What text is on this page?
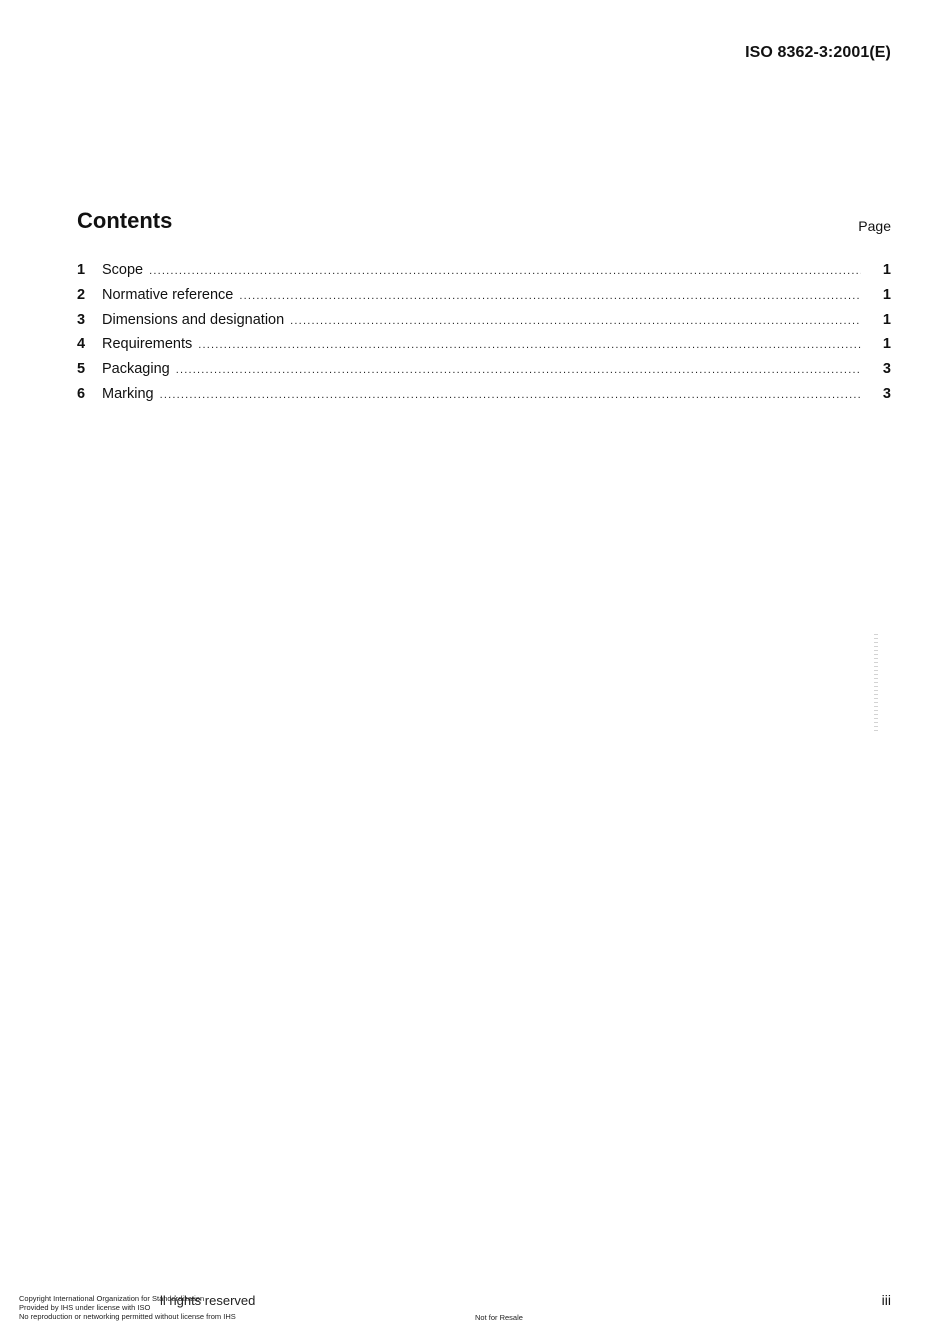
ISO 8362-3:2001(E)
Contents	Page
1	Scope .....	1
2	Normative reference .....	1
3	Dimensions and designation .....	1
4	Requirements .....	1
5	Packaging .....	3
6	Marking .....	3
ll rights reserved
Copyright International Organization for Standardization
Provided by IHS under license with ISO
No reproduction or networking permitted without license from IHS	Not for Resale
iii
